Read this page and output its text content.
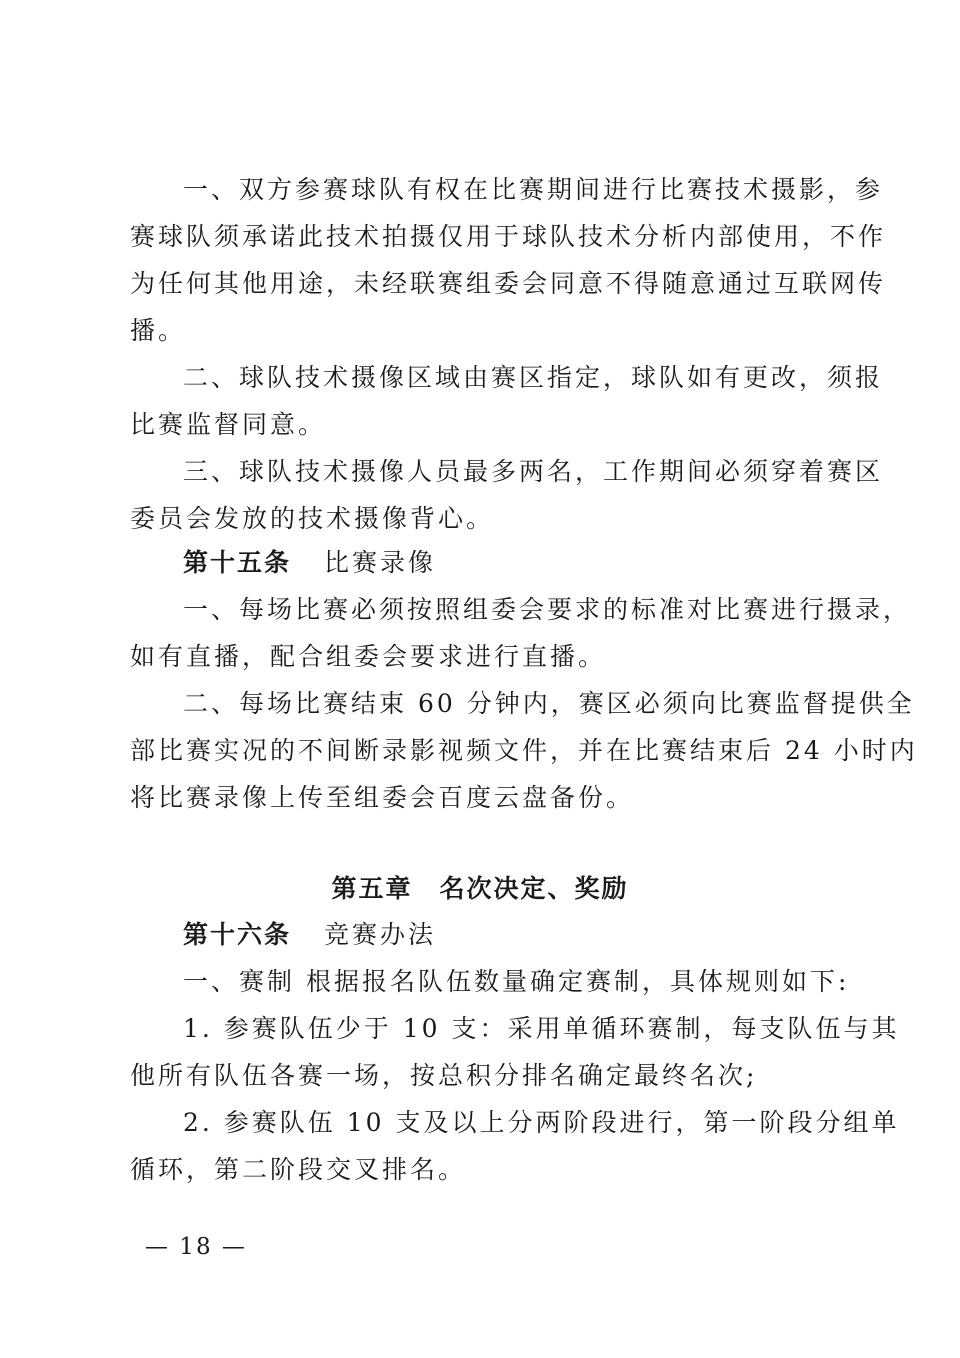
一、双方参赛球队有权在比赛期间进行比赛技术摄影，参
赛球队须承诺此技术拍摄仅用于球队技术分析内部使用，不作
为任何其他用途，未经联赛组委会同意不得随意通过互联网传
播。
二、球队技术摄像区域由赛区指定，球队如有更改，须报
比赛监督同意。
三、球队技术摄像人员最多两名，工作期间必须穿着赛区
委员会发放的技术摄像背心。
第十五条 比赛录像
一、每场比赛必须按照组委会要求的标准对比赛进行摄录，
如有直播，配合组委会要求进行直播。
二、每场比赛结束 60 分钟内，赛区必须向比赛监督提供全
部比赛实况的不间断录影视频文件，并在比赛结束后 24 小时内
将比赛录像上传至组委会百度云盘备份。
第五章　名次决定、奖励
第十六条 竞赛办法
一、赛制 根据报名队伍数量确定赛制，具体规则如下:
1. 参赛队伍少于 10 支：采用单循环赛制，每支队伍与其
他所有队伍各赛一场，按总积分排名确定最终名次;
2. 参赛队伍 10 支及以上分两阶段进行，第一阶段分组单
循环，第二阶段交叉排名。
— 18 —
